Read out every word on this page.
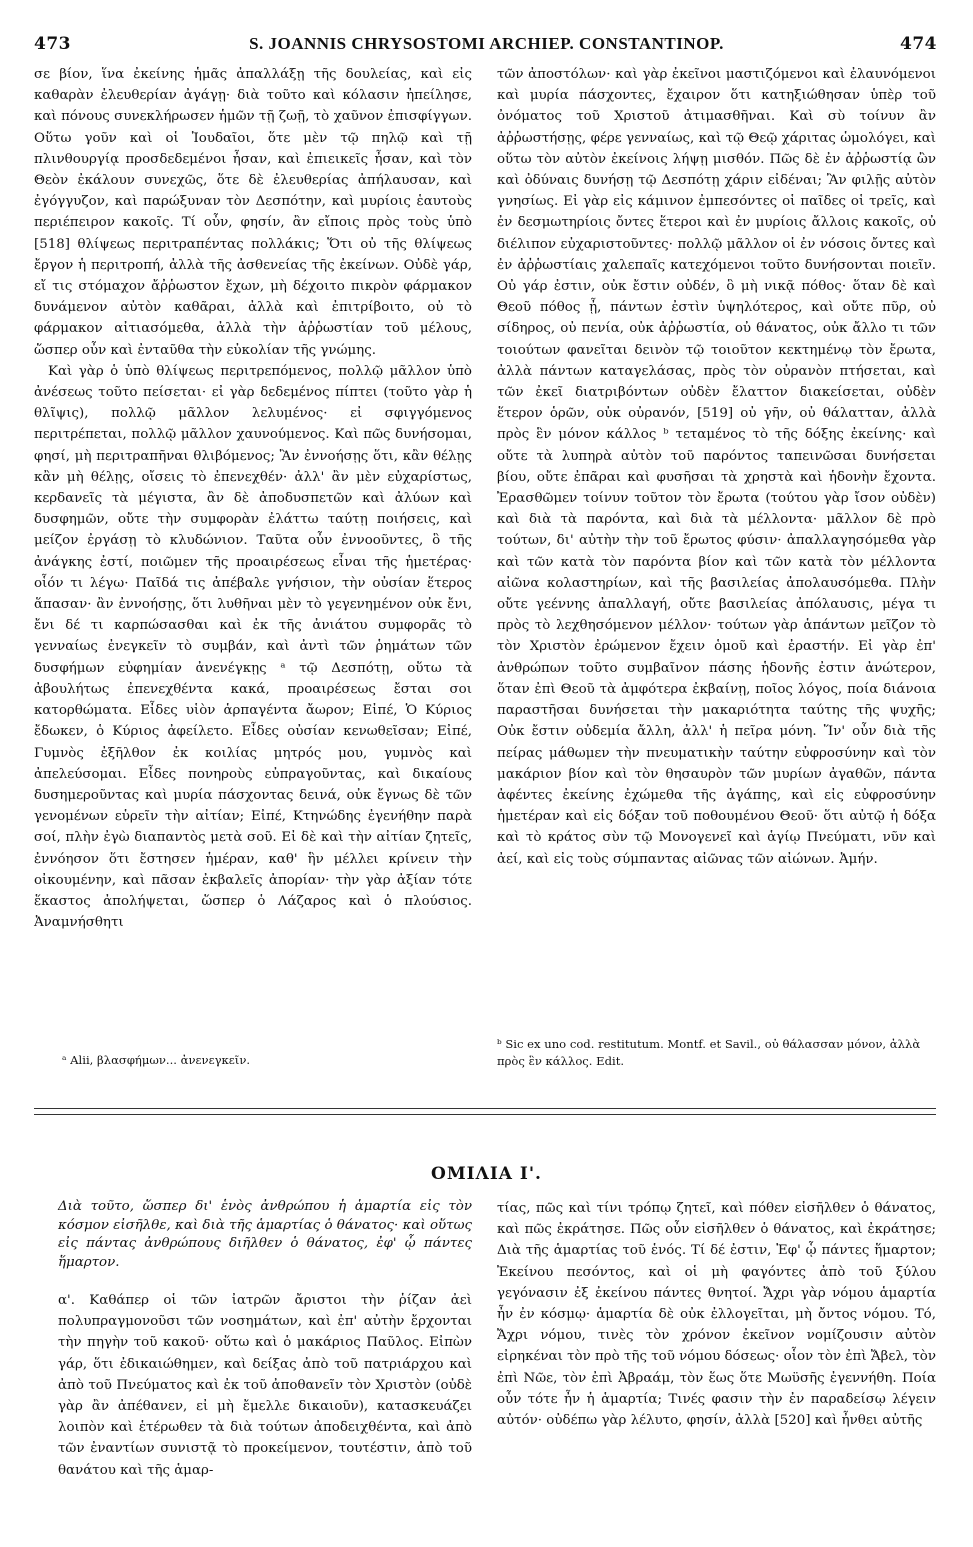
473	S. JOANNIS CHRYSOSTOMI ARCHIEP. CONSTANTINOP.	474

σε βίον, ἵνα ἐκείνης ἡμᾶς ἀπαλλάξῃ τῆς δουλείας, καὶ εἰς καθαρὰν ἐλευθερίαν ἀγάγῃ· διὰ τοῦτο καὶ κόλασιν ἠπείλησε, καὶ πόνους συνεκλήρωσεν ἡμῶν τῇ ζωῇ, τὸ χαῦνον ἐπισφίγγων. Οὕτω γοῦν καὶ οἱ Ἰουδαῖοι, ὅτε μὲν τῷ πηλῷ καὶ τῇ πλινθουργίᾳ προσδεδεμένοι ἦσαν, καὶ ἐπιεικεῖς ἦσαν, καὶ τὸν Θεὸν ἐκάλουν συνεχῶς, ὅτε δὲ ἐλευθερίας ἀπήλαυσαν, καὶ ἐγόγγυζον, καὶ παρώξυναν τὸν Δεσπότην, καὶ μυρίοις ἑαυτοὺς περιέπειρον κακοῖς. Τί οὖν, φησίν, ἂν εἴποις πρὸς τοὺς ὑπὸ [518] θλίψεως περιτραπέντας πολλάκις; Ὅτι οὐ τῆς θλίψεως ἔργον ἡ περιτροπή, ἀλλὰ τῆς ἀσθενείας τῆς ἐκείνων. Οὐδὲ γάρ, εἴ τις στόμαχον ἄῤῥωστον ἔχων, μὴ δέχοιτο πικρὸν φάρμακον δυνάμενον αὐτὸν καθᾶραι, ἀλλὰ καὶ ἐπιτρίβοιτο, οὐ τὸ φάρμακον αἰτιασόμεθα, ἀλλὰ τὴν ἀῤῥωστίαν τοῦ μέλους, ὥσπερ οὖν καὶ ἐνταῦθα τὴν εὐκολίαν τῆς γνώμης.

Καὶ γὰρ ὁ ὑπὸ θλίψεως περιτρεπόμενος, πολλῷ μᾶλλον ὑπὸ ἀνέσεως τοῦτο πείσεται· εἰ γὰρ δεδεμένος πίπτει (τοῦτο γὰρ ἡ θλῖψις), πολλῷ μᾶλλον λελυμένος· εἰ σφιγγόμενος περιτρέπεται, πολλῷ μᾶλλον χαυνούμενος. Καὶ πῶς δυνήσομαι, φησί, μὴ περιτραπῆναι θλιβόμενος; Ἂν ἐννοήσῃς ὅτι, κἂν θέλῃς κἂν μὴ θέλῃς, οἴσεις τὸ ἐπενεχθέν· ἀλλ' ἂν μὲν εὐχαρίστως, κερδανεῖς τὰ μέγιστα, ἂν δὲ ἀποδυσπετῶν καὶ ἀλύων καὶ δυσφημῶν, οὔτε τὴν συμφορὰν ἐλάττω ταύτῃ ποιήσεις, καὶ μείζον ἐργάσῃ τὸ κλυδώνιον. Ταῦτα οὖν ἐννοοῦντες, ὃ τῆς ἀνάγκης ἐστί, ποιῶμεν τῆς προαιρέσεως εἶναι τῆς ἡμετέρας· οἷόν τι λέγω· Παῖδά τις ἀπέβαλε γνήσιον, τὴν οὐσίαν ἕτερος ἅπασαν· ἂν ἐννοήσῃς, ὅτι λυθῆναι μὲν τὸ γεγενημένον οὐκ ἔνι, ἔνι δέ τι καρπώσασθαι καὶ ἐκ τῆς ἀνιάτου συμφορᾶς τὸ γενναίως ἐνεγκεῖν τὸ συμβάν, καὶ ἀντὶ τῶν ῥημάτων τῶν δυσφήμων εὐφημίαν ἀνενέγκῃς ᵃ τῷ Δεσπότῃ, οὕτω τὰ ἀβουλήτως ἐπενεχθέντα κακά, προαιρέσεως ἔσται σοι κατορθώματα. Εἶδες υἱὸν ἁρπαγέντα ἄωρον; Εἰπέ, Ὁ Κύριος ἔδωκεν, ὁ Κύριος ἀφείλετο. Εἶδες οὐσίαν κενωθεῖσαν; Εἰπέ, Γυμνὸς ἐξῆλθον ἐκ κοιλίας μητρός μου, γυμνὸς καὶ ἀπελεύσομαι. Εἶδες πονηροὺς εὐπραγοῦντας, καὶ δικαίους δυσημεροῦντας καὶ μυρία πάσχοντας δεινά, οὐκ ἔγνως δὲ τῶν γενομένων εὑρεῖν τὴν αἰτίαν; Εἰπέ, Κτηνώδης ἐγενήθην παρὰ σοί, πλὴν ἐγὼ διαπαντὸς μετὰ σοῦ. Εἰ δὲ καὶ τὴν αἰτίαν ζητεῖς, ἐννόησον ὅτι ἔστησεν ἡμέραν, καθ' ἣν μέλλει κρίνειν τὴν οἰκουμένην, καὶ πᾶσαν ἐκβαλεῖς ἀπορίαν· τὴν γὰρ ἀξίαν τότε ἕκαστος ἀπολήψεται, ὥσπερ ὁ Λάζαρος καὶ ὁ πλούσιος. Ἀναμνήσθητι

τῶν ἀποστόλων· καὶ γὰρ ἐκεῖνοι μαστιζόμενοι καὶ ἐλαυνόμενοι καὶ μυρία πάσχοντες, ἔχαιρον ὅτι κατηξιώθησαν ὑπὲρ τοῦ ὀνόματος τοῦ Χριστοῦ ἀτιμασθῆναι. Καὶ σὺ τοίνυν ἂν ἀῤῥωστήσῃς, φέρε γενναίως, καὶ τῷ Θεῷ χάριτας ὡμολόγει, καὶ οὕτω τὸν αὐτὸν ἐκείνοις λήψῃ μισθόν. Πῶς δὲ ἐν ἀῤῥωστίᾳ ὢν καὶ ὀδύναις δυνήσῃ τῷ Δεσπότῃ χάριν εἰδέναι; Ἂν φιλῇς αὐτὸν γνησίως. Εἰ γὰρ εἰς κάμινον ἐμπεσόντες οἱ παῖδες οἱ τρεῖς, καὶ ἐν δεσμωτηρίοις ὄντες ἕτεροι καὶ ἐν μυρίοις ἄλλοις κακοῖς, οὐ διέλιπον εὐχαριστοῦντες· πολλῷ μᾶλλον οἱ ἐν νόσοις ὄντες καὶ ἐν ἀῤῥωστίαις χαλεπαῖς κατεχόμενοι τοῦτο δυνήσονται ποιεῖν. Οὐ γάρ ἐστιν, οὐκ ἔστιν οὐδέν, ὃ μὴ νικᾷ πόθος· ὅταν δὲ καὶ Θεοῦ πόθος ᾖ, πάντων ἐστὶν ὑψηλότερος, καὶ οὔτε πῦρ, οὐ σίδηρος, οὐ πενία, οὐκ ἀῤῥωστία, οὐ θάνατος, οὐκ ἄλλο τι τῶν τοιούτων φανεῖται δεινὸν τῷ τοιοῦτον κεκτημένῳ τὸν ἔρωτα, ἀλλὰ πάντων καταγελάσας, πρὸς τὸν οὐρανὸν πτήσεται, καὶ τῶν ἐκεῖ διατριβόντων οὐδὲν ἔλαττον διακείσεται, οὐδὲν ἕτερον ὁρῶν, οὐκ οὐρανόν, [519] οὐ γῆν, οὐ θάλατταν, ἀλλὰ πρὸς ἓν μόνον κάλλος ᵇ τεταμένος τὸ τῆς δόξης ἐκείνης· καὶ οὔτε τὰ λυπηρὰ αὐτὸν τοῦ παρόντος ταπεινῶσαι δυνήσεται βίου, οὔτε ἐπᾶραι καὶ φυσῆσαι τὰ χρηστὰ καὶ ἡδονὴν ἔχοντα. Ἐρασθῶμεν τοίνυν τοῦτον τὸν ἔρωτα (τούτου γὰρ ἴσον οὐδὲν) καὶ διὰ τὰ παρόντα, καὶ διὰ τὰ μέλλοντα· μᾶλλον δὲ πρὸ τούτων, δι' αὐτὴν τὴν τοῦ ἔρωτος φύσιν· ἀπαλλαγησόμεθα γὰρ καὶ τῶν κατὰ τὸν παρόντα βίον καὶ τῶν κατὰ τὸν μέλλοντα αἰῶνα κολαστηρίων, καὶ τῆς βασιλείας ἀπολαυσόμεθα. Πλὴν οὔτε γεέννης ἀπαλλαγή, οὔτε βασιλείας ἀπόλαυσις, μέγα τι πρὸς τὸ λεχθησόμενον μέλλον· τούτων γὰρ ἁπάντων μεῖζον τὸ τὸν Χριστὸν ἐρώμενον ἔχειν ὁμοῦ καὶ ἐραστήν. Εἰ γὰρ ἐπ' ἀνθρώπων τοῦτο συμβαῖνον πάσης ἡδονῆς ἐστιν ἀνώτερον, ὅταν ἐπὶ Θεοῦ τὰ ἀμφότερα ἐκβαίνῃ, ποῖος λόγος, ποία διάνοια παραστῆσαι δυνήσεται τὴν μακαριότητα ταύτης τῆς ψυχῆς; Οὐκ ἔστιν οὐδεμία ἄλλη, ἀλλ' ἡ πεῖρα μόνη. Ἵν' οὖν διὰ τῆς πείρας μάθωμεν τὴν πνευματικὴν ταύτην εὐφροσύνην καὶ τὸν μακάριον βίον καὶ τὸν θησαυρὸν τῶν μυρίων ἀγαθῶν, πάντα ἀφέντες ἐκείνης ἐχώμεθα τῆς ἀγάπης, καὶ εἰς εὐφροσύνην ἡμετέραν καὶ εἰς δόξαν τοῦ ποθουμένου Θεοῦ· ὅτι αὐτῷ ἡ δόξα καὶ τὸ κράτος σὺν τῷ Μονογενεῖ καὶ ἁγίῳ Πνεύματι, νῦν καὶ ἀεί, καὶ εἰς τοὺς σύμπαντας αἰῶνας τῶν αἰώνων. Ἀμήν.

ᵃ Alii, βλασφήμων... ἀνενεγκεῖν.
ᵇ Sic ex uno cod. restitutum. Montf. et Savil., οὐ θάλασσαν μόνον, ἀλλὰ πρὸς ἓν κάλλος. Edit.
ΟΜΙΛΙΑ Ι'.
Διὰ τοῦτο, ὥσπερ δι' ἑνὸς ἀνθρώπου ἡ ἁμαρτία εἰς τὸν κόσμον εἰσῆλθε, καὶ διὰ τῆς ἁμαρτίας ὁ θάνατος· καὶ οὕτως εἰς πάντας ἀνθρώπους διῆλθεν ὁ θάνατος, ἐφ' ᾧ πάντες ἥμαρτον.
α'. Καθάπερ οἱ τῶν ἰατρῶν ἄριστοι τὴν ῥίζαν ἀεὶ πολυπραγμονοῦσι τῶν νοσημάτων, καὶ ἐπ' αὐτὴν ἔρχονται τὴν πηγὴν τοῦ κακοῦ· οὕτω καὶ ὁ μακάριος Παῦλος. Εἰπὼν γάρ, ὅτι ἐδικαιώθημεν, καὶ δείξας ἀπὸ τοῦ πατριάρχου καὶ ἀπὸ τοῦ Πνεύματος καὶ ἐκ τοῦ ἀποθανεῖν τὸν Χριστὸν (οὐδὲ γὰρ ἂν ἀπέθανεν, εἰ μὴ ἔμελλε δικαιοῦν), κατασκευάζει λοιπὸν καὶ ἑτέρωθεν τὰ διὰ τούτων ἀποδειχθέντα, καὶ ἀπὸ τῶν ἐναντίων συνιστᾷ τὸ προκείμενον, τουτέστιν, ἀπὸ τοῦ θανάτου καὶ τῆς ἁμαρ-
τίας, πῶς καὶ τίνι τρόπῳ ζητεῖ, καὶ πόθεν εἰσῆλθεν ὁ θάνατος, καὶ πῶς ἐκράτησε. Πῶς οὖν εἰσῆλθεν ὁ θάνατος, καὶ ἐκράτησε; Διὰ τῆς ἁμαρτίας τοῦ ἑνός. Τί δέ ἐστιν, Ἐφ' ᾧ πάντες ἥμαρτον; Ἐκείνου πεσόντος, καὶ οἱ μὴ φαγόντες ἀπὸ τοῦ ξύλου γεγόνασιν ἐξ ἐκείνου πάντες θνητοί. Ἄχρι γὰρ νόμου ἁμαρτία ἦν ἐν κόσμῳ· ἁμαρτία δὲ οὐκ ἐλλογεῖται, μὴ ὄντος νόμου. Τό, Ἄχρι νόμου, τινὲς τὸν χρόνον ἐκεῖνον νομίζουσιν αὐτὸν εἰρηκέναι τὸν πρὸ τῆς τοῦ νόμου δόσεως· οἷον τὸν ἐπὶ Ἄβελ, τὸν ἐπὶ Νῶε, τὸν ἐπὶ Ἀβραάμ, τὸν ἕως ὅτε Μωϋσῆς ἐγεννήθη. Ποία οὖν τότε ἦν ἡ ἁμαρτία; Τινές φασιν τὴν ἐν παραδείσῳ λέγειν αὐτόν· οὐδέπω γὰρ λέλυτο, φησίν, ἀλλὰ [520] καὶ ἦνθει αὐτῆς
